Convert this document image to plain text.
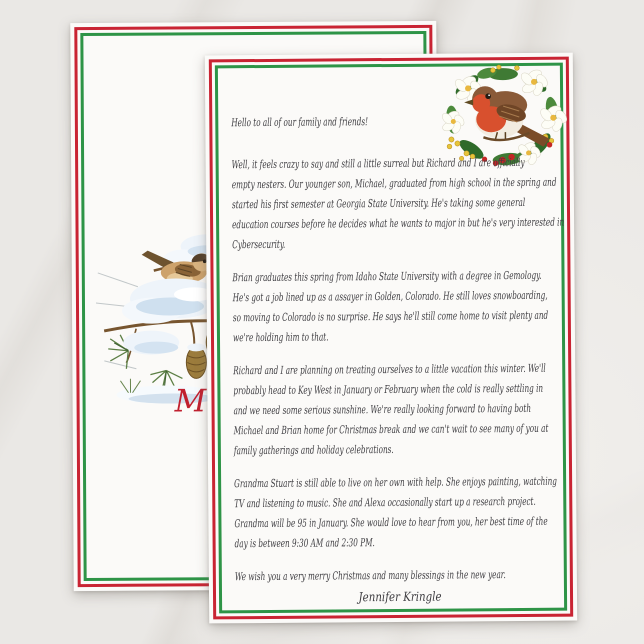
M
Hello to all of our family and friends!
Well, it feels crazy to say and still a little surreal but Richard and I are officially
empty nesters. Our younger son, Michael, graduated from high school in the spring and
started his first semester at Georgia State University. He's taking some general
education courses before he decides what he wants to major in but he's very interested in
Cybersecurity.
Brian graduates this spring from Idaho State University with a degree in Gemology.
He's got a job lined up as a assayer in Golden, Colorado. He still loves snowboarding,
so moving to Colorado is no surprise. He says he'll still come home to visit plenty and
we're holding him to that.
Richard and I are planning on treating ourselves to a little vacation this winter. We'll
probably head to Key West in January or February when the cold is really settling in
and we need some serious sunshine. We're really looking forward to having both
Michael and Brian home for Christmas break and we can't wait to see many of you at
family gatherings and holiday celebrations.
Grandma Stuart is still able to live on her own with help. She enjoys painting, watching
TV and listening to music. She and Alexa occasionally start up a research project.
Grandma will be 95 in January. She would love to hear from you, her best time of the
day is between 9:30 AM and 2:30 PM.
We wish you a very merry Christmas and many blessings in the new year.
Jennifer Kringle
